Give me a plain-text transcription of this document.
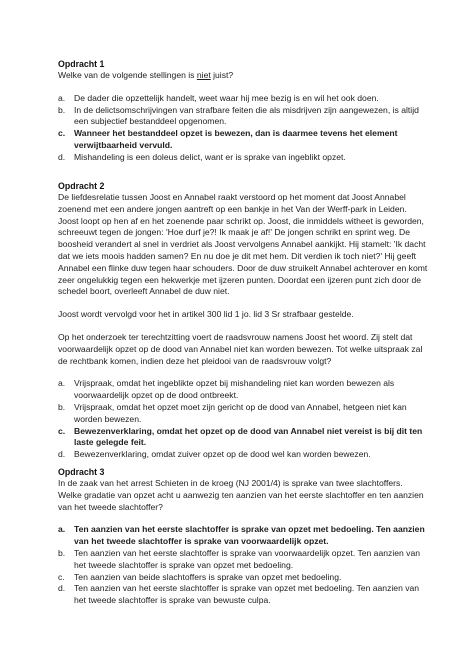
Opdracht 1

Welke van de volgende stellingen is niet juist?

a. De dader die opzettelijk handelt, weet waar hij mee bezig is en wil het ook doen.
b. In de delictsomschrijvingen van strafbare feiten die als misdrijven zijn aangewezen, is altijd een subjectief bestanddeel opgenomen.
c. Wanneer het bestanddeel opzet is bewezen, dan is daarmee tevens het element verwijtbaarheid vervuld.
d. Mishandeling is een doleus delict, want er is sprake van ingeblikt opzet.
Opdracht 2

De liefdesrelatie tussen Joost en Annabel raakt verstoord op het moment dat Joost Annabel zoenend met een andere jongen aantreft op een bankje in het Van der Werff-park in Leiden. Joost loopt op hen af en het zoenende paar schrikt op. Joost, die inmiddels witheet is geworden, schreeuwt tegen de jongen: 'Hoe durf je?! Ik maak je af!' De jongen schrikt en sprint weg. De boosheid verandert al snel in verdriet als Joost vervolgens Annabel aankijkt. Hij stamelt: 'Ik dacht dat we iets moois hadden samen? En nu doe je dit met hem. Dit verdien ik toch niet?' Hij geeft Annabel een flinke duw tegen haar schouders. Door de duw struikelt Annabel achterover en komt zeer ongelukkig tegen een hekwerkje met ijzeren punten. Doordat een ijzeren punt zich door de schedel boort, overleeft Annabel de duw niet.

Joost wordt vervolgd voor het in artikel 300 lid 1 jo. lid 3 Sr strafbaar gestelde.

Op het onderzoek ter terechtzitting voert de raadsvrouw namens Joost het woord. Zij stelt dat voorwaardelijk opzet op de dood van Annabel niet kan worden bewezen. Tot welke uitspraak zal de rechtbank komen, indien deze het pleidooi van de raadsvrouw volgt?

a. Vrijspraak, omdat het ingeblikte opzet bij mishandeling niet kan worden bewezen als voorwaardelijk opzet op de dood ontbreekt.
b. Vrijspraak, omdat het opzet moet zijn gericht op de dood van Annabel, hetgeen niet kan worden bewezen.
c. Bewezenverklaring, omdat het opzet op de dood van Annabel niet vereist is bij dit ten laste gelegde feit.
d. Bewezenverklaring, omdat zuiver opzet op de dood wel kan worden bewezen.
Opdracht 3

In de zaak van het arrest Schieten in de kroeg (NJ 2001/4) is sprake van twee slachtoffers. Welke gradatie van opzet acht u aanwezig ten aanzien van het eerste slachtoffer en ten aanzien van het tweede slachtoffer?

a. Ten aanzien van het eerste slachtoffer is sprake van opzet met bedoeling. Ten aanzien van het tweede slachtoffer is sprake van voorwaardelijk opzet.
b. Ten aanzien van het eerste slachtoffer is sprake van voorwaardelijk opzet. Ten aanzien van het tweede slachtoffer is sprake van opzet met bedoeling.
c. Ten aanzien van beide slachtoffers is sprake van opzet met bedoeling.
d. Ten aanzien van het eerste slachtoffer is sprake van opzet met bedoeling. Ten aanzien van het tweede slachtoffer is sprake van bewuste culpa.
